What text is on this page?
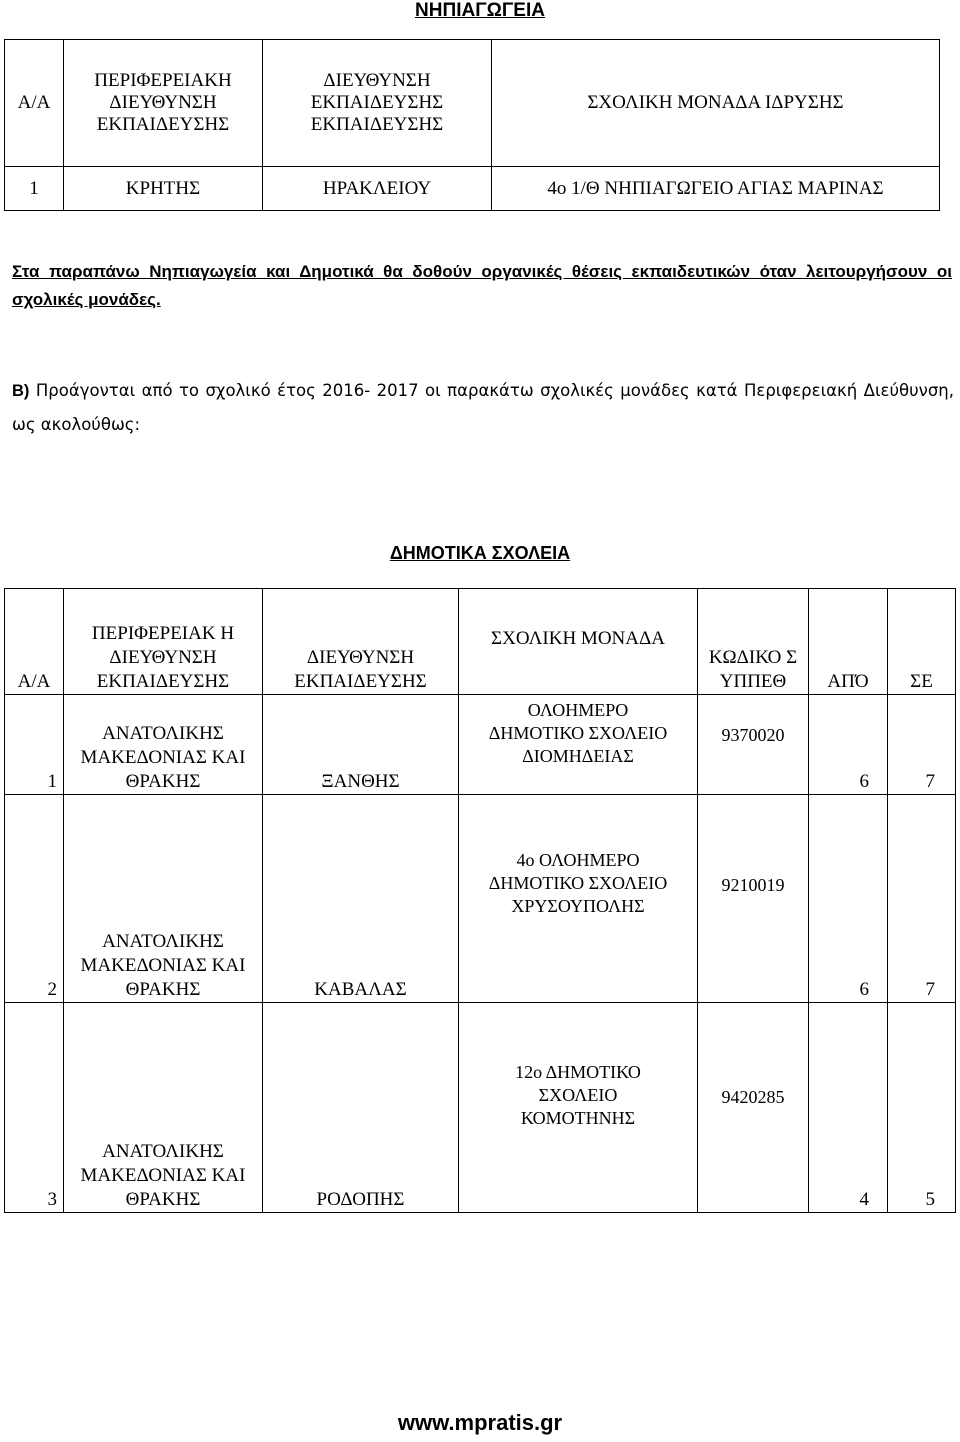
ΝΗΠΙΑΓΩΓΕΙΑ
Α/Α	ΠΕΡΙΦΕΡΕΙΑΚΗ ΔΙΕΥΘΥΝΣΗ ΕΚΠΑΙΔΕΥΣΗΣ	ΔΙΕΥΘΥΝΣΗ ΕΚΠΑΙΔΕΥΣΗΣ ΕΚΠΑΙΔΕΥΣΗΣ	ΣΧΟΛΙΚΗ ΜΟΝΑΔΑ ΙΔΡΥΣΗΣ
1	ΚΡΗΤΗΣ	ΗΡΑΚΛΕΙΟΥ	4ο 1/Θ ΝΗΠΙΑΓΩΓΕΙΟ ΑΓΙΑΣ ΜΑΡΙΝΑΣ
Στα παραπάνω Νηπιαγωγεία και Δημοτικά θα δοθούν οργανικές θέσεις εκπαιδευτικών όταν λειτουργήσουν οι σχολικές μονάδες.
Β) Προάγονται από το σχολικό έτος 2016- 2017 οι παρακάτω σχολικές μονάδες κατά Περιφερειακή Διεύθυνση, ως ακολούθως:
ΔΗΜΟΤΙΚΑ ΣΧΟΛΕΙΑ
Α/Α	ΠΕΡΙΦΕΡΕΙΑΚ Η ΔΙΕΥΘΥΝΣΗ ΕΚΠΑΙΔΕΥΣΗΣ	ΔΙΕΥΘΥΝΣΗ ΕΚΠΑΙΔΕΥΣΗΣ	ΣΧΟΛΙΚΗ ΜΟΝΑΔΑ	ΚΩΔΙΚΟ Σ ΥΠΠΕΘ	ΑΠΌ	ΣΕ
1	ΑΝΑΤΟΛΙΚΗΣ ΜΑΚΕΔΟΝΙΑΣ ΚΑΙ ΘΡΑΚΗΣ	ΞΑΝΘΗΣ	ΟΛΟΗΜΕΡΟ ΔΗΜΟΤΙΚΟ ΣΧΟΛΕΙΟ ΔΙΟΜΗΔΕΙΑΣ	9370020	6	7
2	ΑΝΑΤΟΛΙΚΗΣ ΜΑΚΕΔΟΝΙΑΣ ΚΑΙ ΘΡΑΚΗΣ	ΚΑΒΑΛΑΣ	4ο ΟΛΟΗΜΕΡΟ ΔΗΜΟΤΙΚΟ ΣΧΟΛΕΙΟ ΧΡΥΣΟΥΠΟΛΗΣ	9210019	6	7
3	ΑΝΑΤΟΛΙΚΗΣ ΜΑΚΕΔΟΝΙΑΣ ΚΑΙ ΘΡΑΚΗΣ	ΡΟΔΟΠΗΣ	12ο ΔΗΜΟΤΙΚΟ ΣΧΟΛΕΙΟ ΚΟΜΟΤΗΝΗΣ	9420285	4	5
www.mpratis.gr
